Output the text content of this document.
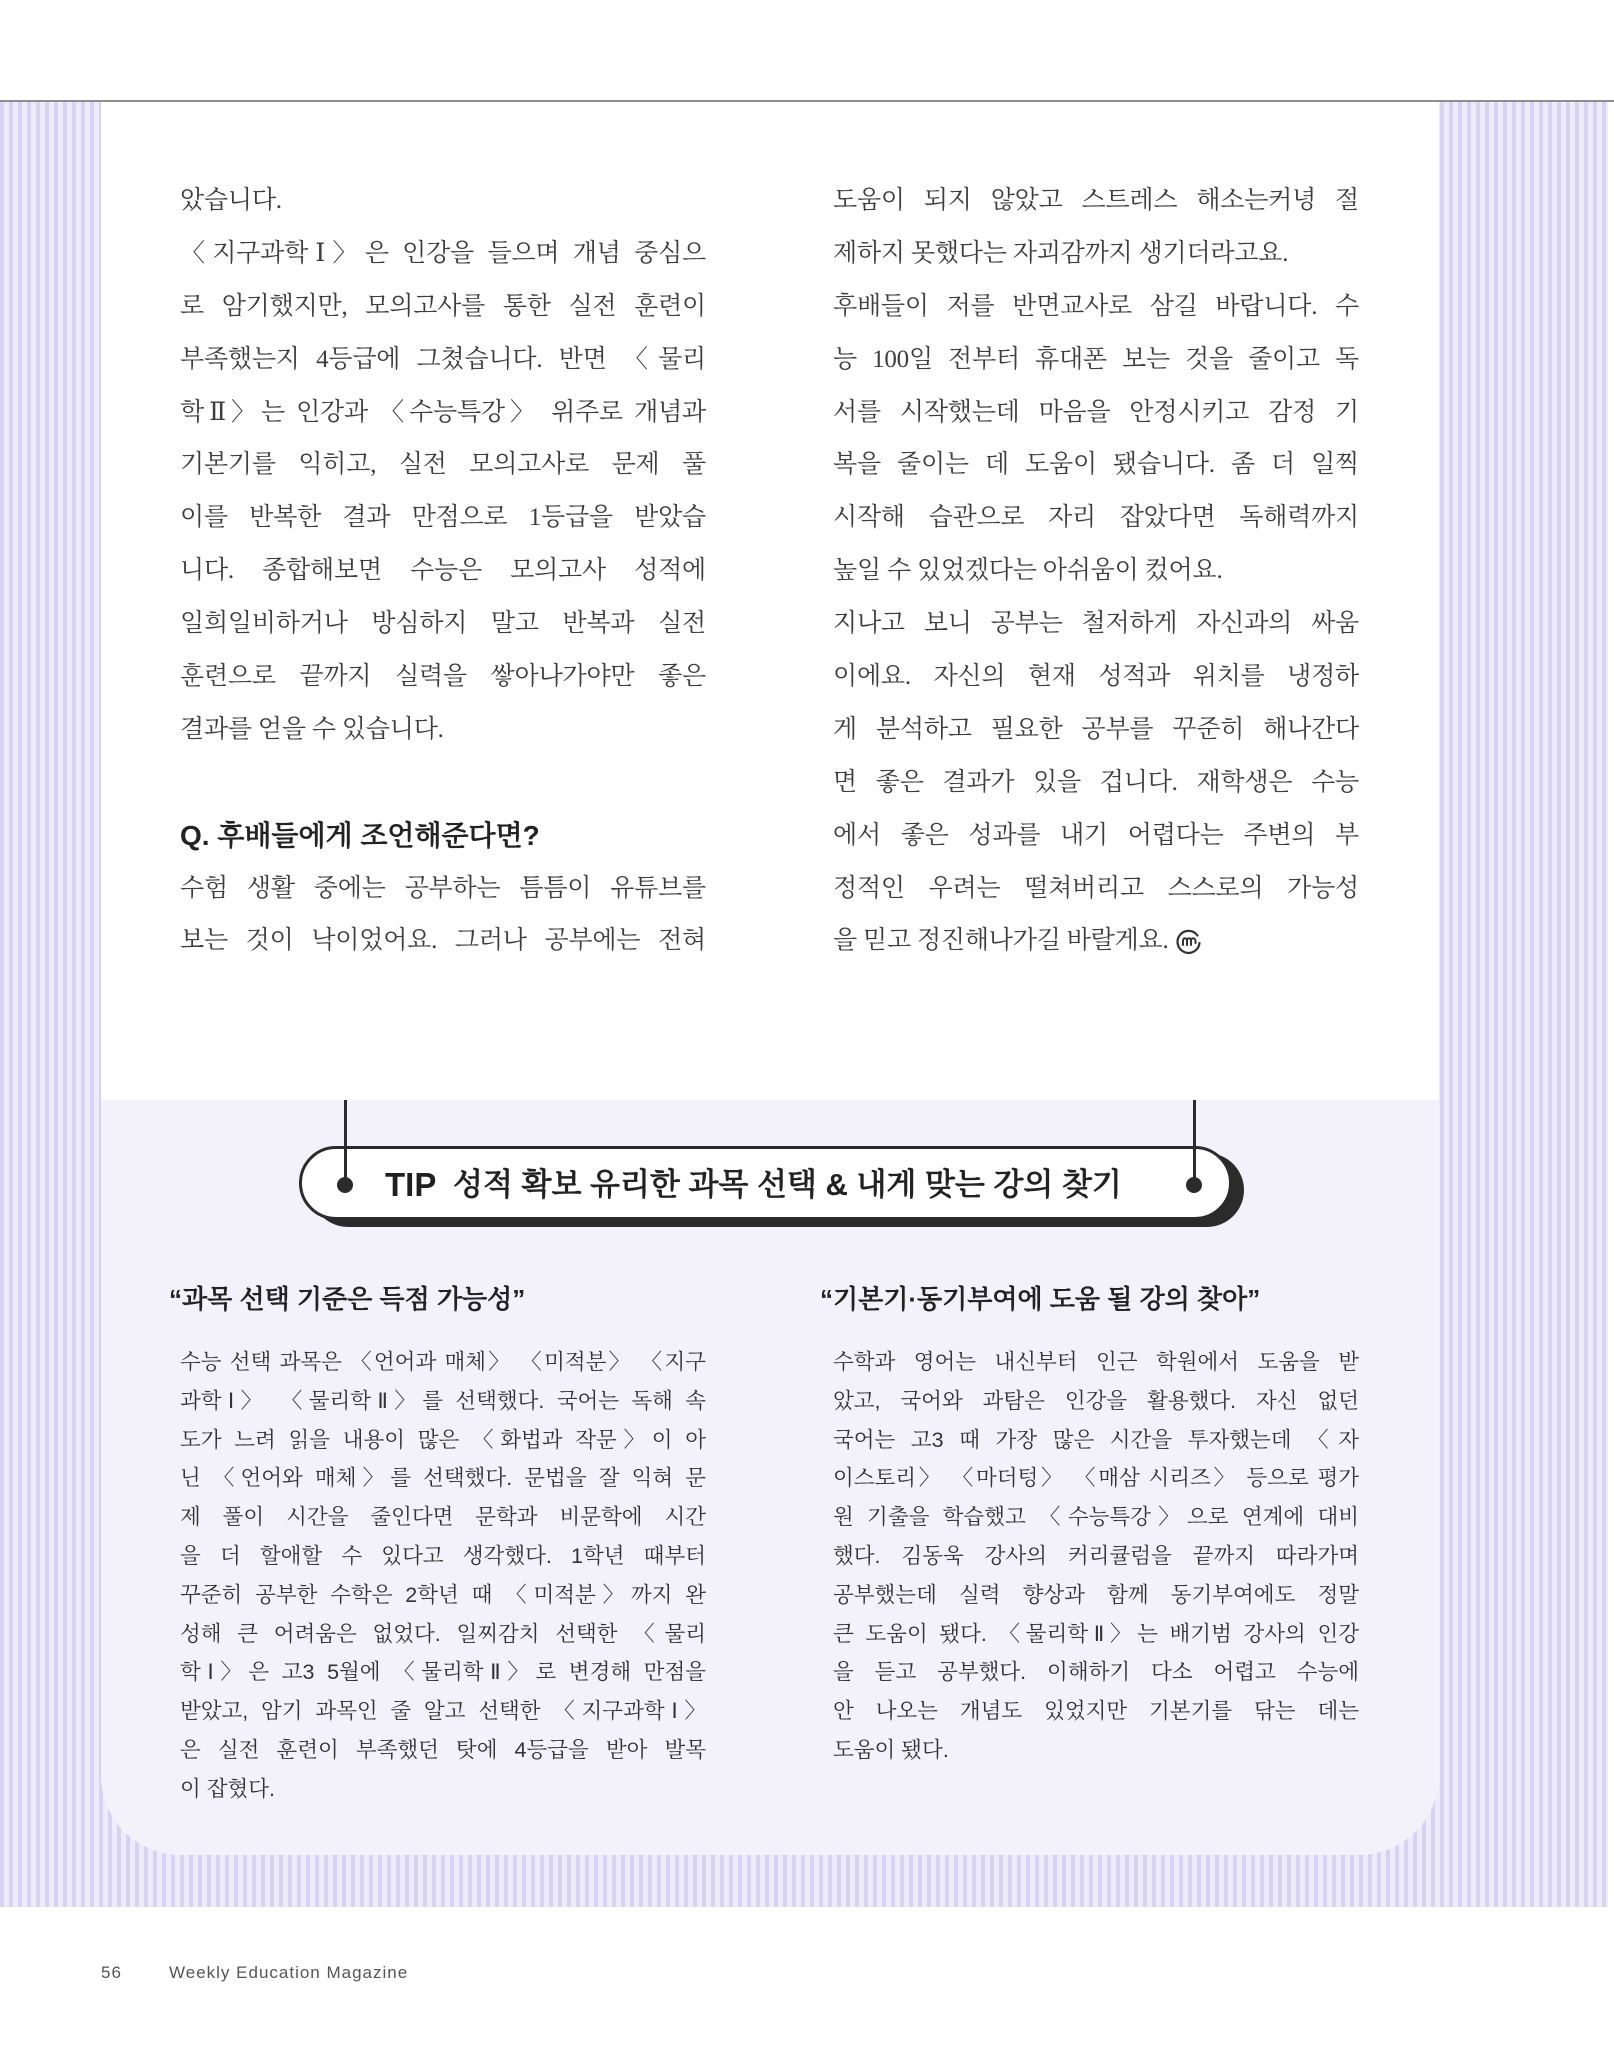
았습니다.
〈지구과학Ⅰ〉은 인강을 들으며 개념 중심으
로 암기했지만, 모의고사를 통한 실전 훈련이
부족했는지 4등급에 그쳤습니다. 반면 〈물리
학Ⅱ〉는 인강과 〈수능특강〉 위주로 개념과
기본기를 익히고, 실전 모의고사로 문제 풀
이를 반복한 결과 만점으로 1등급을 받았습
니다. 종합해보면 수능은 모의고사 성적에
일희일비하거나 방심하지 말고 반복과 실전
훈련으로 끝까지 실력을 쌓아나가야만 좋은
결과를 얻을 수 있습니다.
Q. 후배들에게 조언해준다면?
수험 생활 중에는 공부하는 틈틈이 유튜브를
보는 것이 낙이었어요. 그러나 공부에는 전혀
도움이 되지 않았고 스트레스 해소는커녕 절
제하지 못했다는 자괴감까지 생기더라고요.
후배들이 저를 반면교사로 삼길 바랍니다. 수
능 100일 전부터 휴대폰 보는 것을 줄이고 독
서를 시작했는데 마음을 안정시키고 감정 기
복을 줄이는 데 도움이 됐습니다. 좀 더 일찍
시작해 습관으로 자리 잡았다면 독해력까지
높일 수 있었겠다는 아쉬움이 컸어요.
지나고 보니 공부는 철저하게 자신과의 싸움
이에요. 자신의 현재 성적과 위치를 냉정하
게 분석하고 필요한 공부를 꾸준히 해나간다
면 좋은 결과가 있을 겁니다. 재학생은 수능
에서 좋은 성과를 내기 어렵다는 주변의 부
정적인 우려는 떨쳐버리고 스스로의 가능성
을 믿고 정진해나가길 바랄게요.
TIP 성적 확보 유리한 과목 선택 & 내게 맞는 강의 찾기
“과목 선택 기준은 득점 가능성”	“기본기·동기부여에 도움 될 강의 찾아”
수능 선택 과목은 〈언어과 매체〉 〈미적분〉 〈지구
과학Ⅰ〉 〈물리학Ⅱ〉를 선택했다. 국어는 독해 속
도가 느려 읽을 내용이 많은 〈화법과 작문〉이 아
닌 〈언어와 매체〉를 선택했다. 문법을 잘 익혀 문
제 풀이 시간을 줄인다면 문학과 비문학에 시간
을 더 할애할 수 있다고 생각했다. 1학년 때부터
꾸준히 공부한 수학은 2학년 때 〈미적분〉까지 완
성해 큰 어려움은 없었다. 일찌감치 선택한 〈물리
학Ⅰ〉은 고3 5월에 〈물리학Ⅱ〉로 변경해 만점을
받았고, 암기 과목인 줄 알고 선택한 〈지구과학Ⅰ〉
은 실전 훈련이 부족했던 탓에 4등급을 받아 발목
이 잡혔다.
수학과 영어는 내신부터 인근 학원에서 도움을 받
았고, 국어와 과탐은 인강을 활용했다. 자신 없던
국어는 고3 때 가장 많은 시간을 투자했는데 〈자
이스토리〉 〈마더텅〉 〈매삼 시리즈〉 등으로 평가
원 기출을 학습했고 〈수능특강〉으로 연계에 대비
했다. 김동욱 강사의 커리큘럼을 끝까지 따라가며
공부했는데 실력 향상과 함께 동기부여에도 정말
큰 도움이 됐다. 〈물리학Ⅱ〉는 배기범 강사의 인강
을 듣고 공부했다. 이해하기 다소 어렵고 수능에
안 나오는 개념도 있었지만 기본기를 닦는 데는
도움이 됐다.
56	Weekly Education Magazine
